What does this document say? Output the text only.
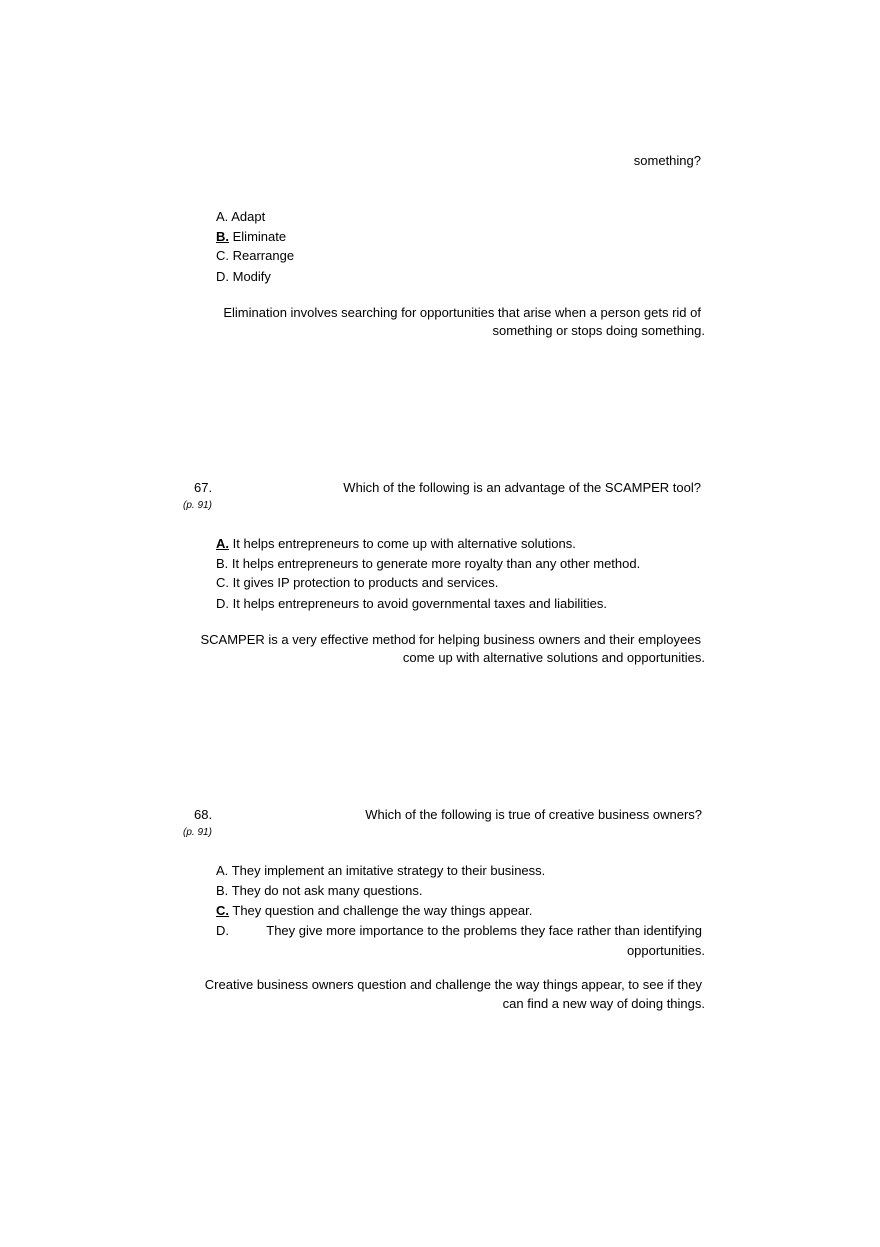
something?
A. Adapt
B. Eliminate
C. Rearrange
D. Modify
Elimination involves searching for opportunities that arise when a person gets rid of
something or stops doing something.
67.
(p. 91)
Which of the following is an advantage of the SCAMPER tool?
A. It helps entrepreneurs to come up with alternative solutions.
B. It helps entrepreneurs to generate more royalty than any other method.
C. It gives IP protection to products and services.
D. It helps entrepreneurs to avoid governmental taxes and liabilities.
SCAMPER is a very effective method for helping business owners and their employees
come up with alternative solutions and opportunities.
68.
(p. 91)
Which of the following is true of creative business owners?
A. They implement an imitative strategy to their business.
B. They do not ask many questions.
C. They question and challenge the way things appear.
D.	They give more importance to the problems they face rather than identifying
opportunities.
Creative business owners question and challenge the way things appear, to see if they
can find a new way of doing things.
